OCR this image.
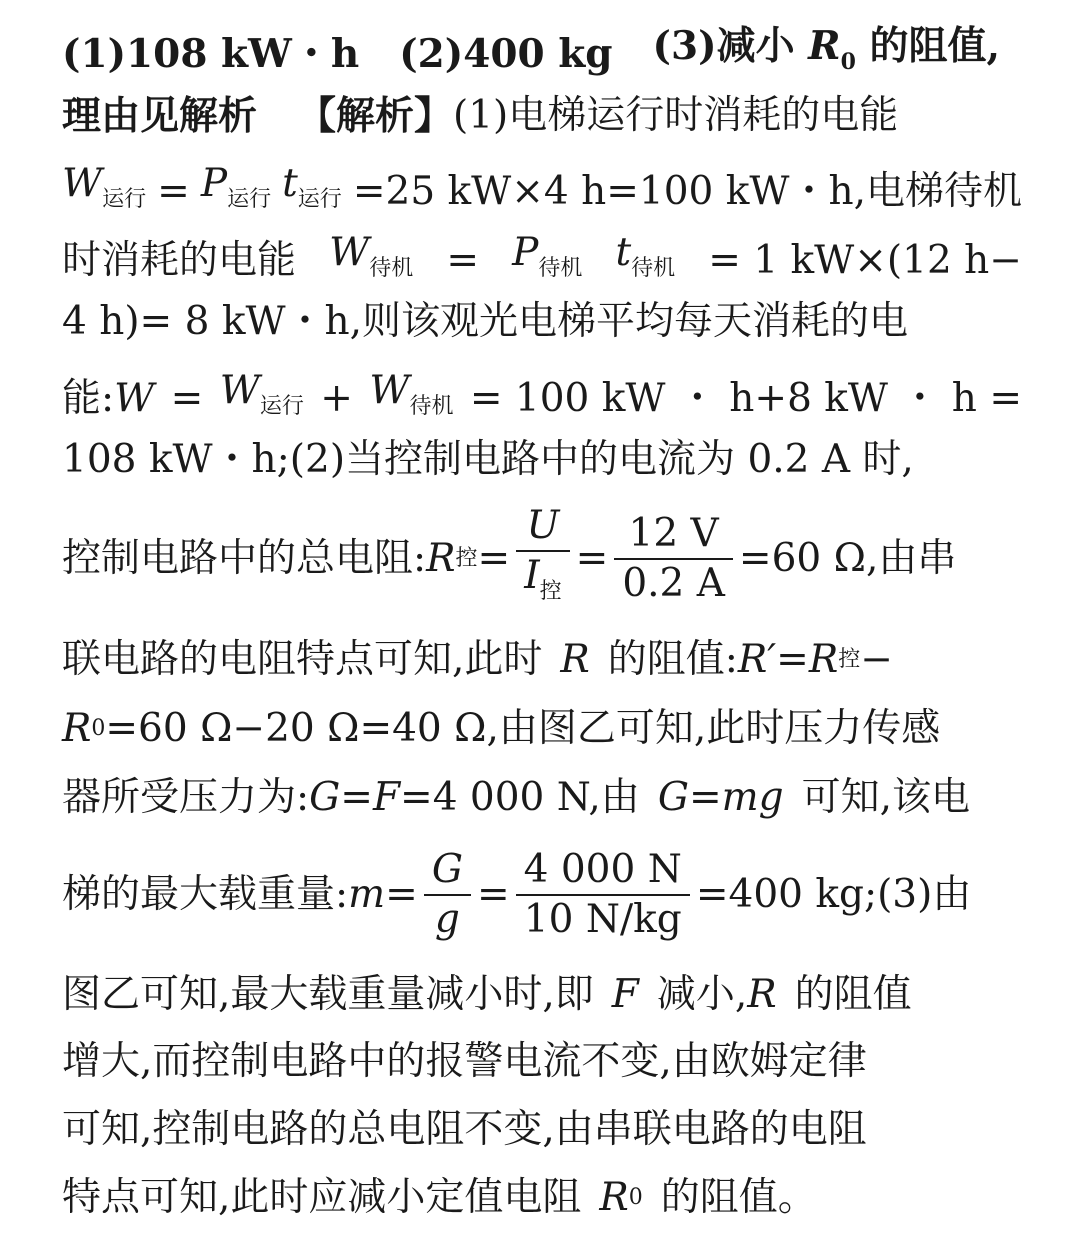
(1)108 kW・h (2)400 kg (3)减小 $R_0$ 的阻值,
理由见解析 【解析】 (1)电梯运行时消耗的电能
$W_{运行} = P_{运行}$ $t_{运行} =25$ kW×4 h=100 kW・h,电梯待机
时消耗的电能 $W_{待机} = P_{待机}$ $t_{待机} = 1$ kW×(12 h−
4 h)= 8 kW・h,则该观光电梯平均每天消耗的电
能:W = $W_{运行} + W_{待机} = 100$ kW ・ h+8 kW ・ h =
108 kW・h;(2)当控制电路中的电流为 0.2 A 时,
控制电路中的总电阻: R 控 = $\frac{U}{I_控} = \frac{12 V}{0.2 A} =60$ Ω,由串
联电路的电阻特点可知,此时 R 的阻值: R′ = R 控 −
R 0 =60 Ω−20 Ω=40 Ω,由图乙可知,此时压力传感
器所受压力为: G=F =4 000 N,由 G=mg 可知,该电
梯的最大载重量: $m = \frac{G}{g} = \frac{4 000 N}{10 N/kg} =400$ kg;(3)由
图乙可知,最大载重量减小时,即 F 减小, R 的阻值
增大,而控制电路中的报警电流不变,由欧姆定律
可知,控制电路的总电阻不变,由串联电路的电阻
特点可知,此时应减小定值电阻 R 0 的阻值。
